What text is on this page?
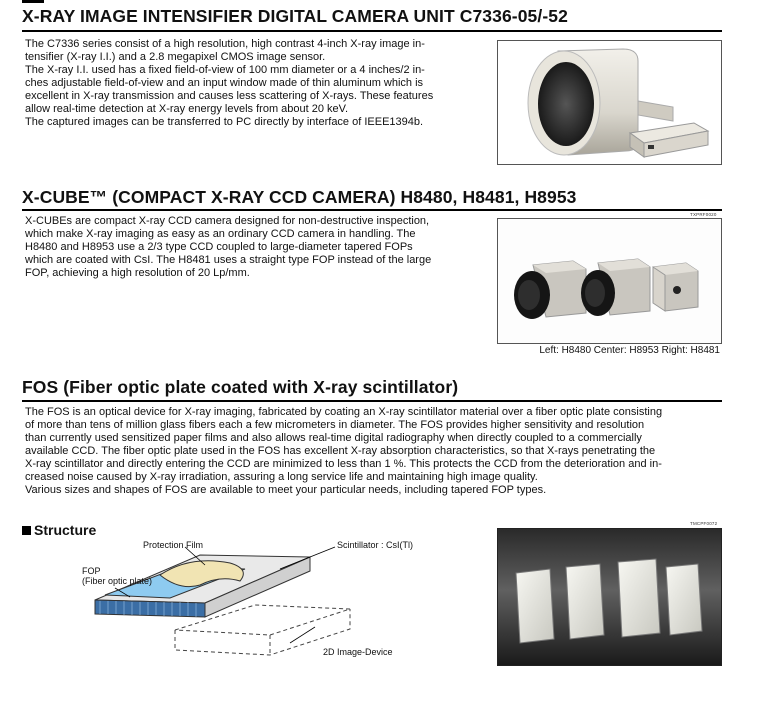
X-RAY IMAGE INTENSIFIER DIGITAL CAMERA UNIT C7336-05/-52
The C7336 series consist of a high resolution, high contrast 4-inch X-ray image in-
tensifier (X-ray I.I.) and a 2.8 megapixel CMOS image sensor.
The X-ray I.I. used has a fixed field-of-view of 100 mm diameter or a 4 inches/2 in-
ches adjustable field-of-view and an input window made of thin aluminum which is
excellent in X-ray transmission and causes less scattering of X-rays. These features
allow real-time detection at X-ray energy levels from about 20 keV.
The captured images can be transferred to PC directly by interface of IEEE1394b.
X-CUBE™ (COMPACT X-RAY CCD CAMERA) H8480, H8481, H8953
X-CUBEs are compact X-ray CCD camera designed for non-destructive inspection,
which make X-ray imaging as easy as an ordinary CCD camera in handling. The
H8480 and H8953 use a 2/3 type CCD coupled to large-diameter tapered FOPs
which are coated with CsI. The H8481 uses a straight type FOP instead of the large
FOP, achieving a high resolution of 20 Lp/mm.
TXPRF0020
Left: H8480 Center: H8953 Right: H8481
FOS (Fiber optic plate coated with X-ray scintillator)
The FOS is an optical device for X-ray imaging, fabricated by coating an X-ray scintillator material over a fiber optic plate consisting
of more than tens of million glass fibers each a few micrometers in diameter. The FOS provides higher sensitivity and resolution
than currently used sensitized paper films and also allows real-time digital radiography when directly coupled to a commercially
available CCD. The fiber optic plate used in the FOS has excellent X-ray absorption characteristics, so that X-rays penetrating the
X-ray scintillator and directly entering the CCD are minimized to less than 1 %. This protects the CCD from the deterioration and in-
creased noise caused by X-ray irradiation, assuring a long service life and maintaining high image quality.
Various sizes and shapes of FOS are available to meet your particular needs, including tapered FOP types.
Structure
Protection Film	Scintillator : CsI(Tl)
FOP
(Fiber optic plate)
2D Image-Device
TMCPF0072
